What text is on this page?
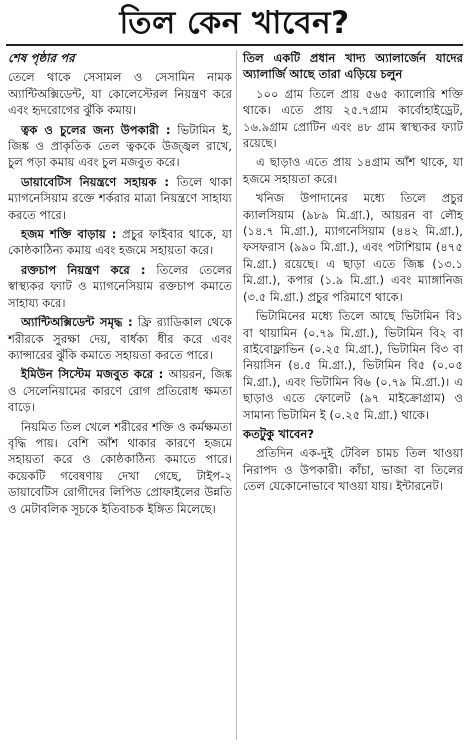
তিল কেন খাবেন?

শেষ পৃষ্ঠার পর

তেলে থাকে সেসামল ও সেসামিন নামক অ্যান্টিঅক্সিডেন্ট, যা কোলেস্টেরল নিয়ন্ত্রণ করে এবং হৃদরোগের ঝুঁকি কমায়।

ত্বক ও চুলের জন্য উপকারী : ভিটামিন ই, জিঙ্ক ও প্রাকৃতিক তেল ত্বককে উজ্জ্বল রাখে, চুল পড়া কমায় এবং চুল মজবুত করে।

ডায়াবেটিস নিয়ন্ত্রণে সহায়ক : তিলে থাকা ম্যাগনেসিয়াম রক্তে শর্করার মাত্রা নিয়ন্ত্রণে সাহায্য করতে পারে।

হজম শক্তি বাড়ায় : প্রচুর ফাইবার থাকে, যা কোষ্ঠকাঠিন্য কমায় এবং হজমে সহায়তা করে।

রক্তচাপ নিয়ন্ত্রণ করে : তিলের তেলের স্বাস্থ্যকর ফ্যাট ও ম্যাগনেসিয়াম রক্তচাপ কমাতে সাহায্য করে।

অ্যান্টিঅক্সিডেন্ট সমৃদ্ধ : ফ্রি র‍্যাডিকাল থেকে শরীরকে সুরক্ষা দেয়, বার্ধক্য ধীর করে এবং ক্যান্সারের ঝুঁকি কমাতে সহায়তা করতে পারে।

ইমিউন সিস্টেম মজবুত করে : আয়রন, জিঙ্ক ও সেলেনিয়ামের কারণে রোগ প্রতিরোধ ক্ষমতা বাড়ে।

নিয়মিত তিল খেলে শরীরের শক্তি ও কর্মক্ষমতা বৃদ্ধি পায়। বেশি আঁশ থাকার কারণে হজমে সহায়তা করে ও কোষ্ঠকাঠিন্য কমাতে পারে। কয়েকটি গবেষণায় দেখা গেছে, টাইপ-২ ডায়াবেটিস রোগীদের লিপিড প্রোফাইলের উন্নতি ও মেটাবলিক সূচকে ইতিবাচক ইঙ্গিত মিলেছে।

তিল একটি প্রধান খাদ্য অ্যালার্জেন যাদের অ্যালার্জি আছে তারা এড়িয়ে চলুন

১০০ গ্রাম তিলে প্রায় ৫৬৫ ক্যালোরি শক্তি থাকে। এতে প্রায় ২৫.৭গ্রাম কার্বোহাইড্রেট, ১৬.৯গ্রাম প্রোটিন এবং ৪৮ গ্রাম স্বাস্থ্যকর ফ্যাট রয়েছে।

এ ছাড়াও এতে প্রায় ১৪গ্রাম আঁশ থাকে, যা হজমে সহায়তা করে।

খনিজ উপাদানের মধ্যে তিলে প্রচুর ক্যালসিয়াম (৯৮৯ মি.গ্রা.), আয়রন বা লৌহ (১৪.৭ মি.গ্রা.), ম্যাগনেসিয়াম (৪৪২ মি.গ্রা.), ফসফরাস (৯৯০ মি.গ্রা.), এবং পটাশিয়াম (৪৭৫ মি.গ্রা.) রয়েছে। এ ছাড়া এতে জিঙ্ক (১৩.১ মি.গ্রা.), কপার (১.৯ মি.গ্রা.) এবং ম্যাঙ্গানিজ (৩.৫ মি.গ্রা.) প্রচুর পরিমাণে থাকে।

ভিটামিনের মধ্যে তিলে আছে ভিটামিন বি১ বা থায়ামিন (০.৭৯ মি.গ্রা.), ভিটামিন বি২ বা রাইবোফ্লাভিন (০.২৫ মি.গ্রা.), ভিটামিন বি৩ বা নিয়াসিন (৪.৫ মি.গ্রা.), ভিটামিন বি৫ (০.০৫ মি.গ্রা.), এবং ভিটামিন বি৬ (০.৭৯ মি.গ্রা.)। এ ছাড়াও এতে ফোলেট (৯৭ মাইক্রোগ্রাম) ও সামান্য ভিটামিন ই (০.২৫ মি.গ্রা.) থাকে।

কতটুকু খাবেন?

প্রতিদিন এক-দুই টেবিল চামচ তিল খাওয়া নিরাপদ ও উপকারী। কাঁচা, ভাজা বা তিলের তেল যেকোনোভাবে খাওয়া যায়। ইন্টারনেট।
